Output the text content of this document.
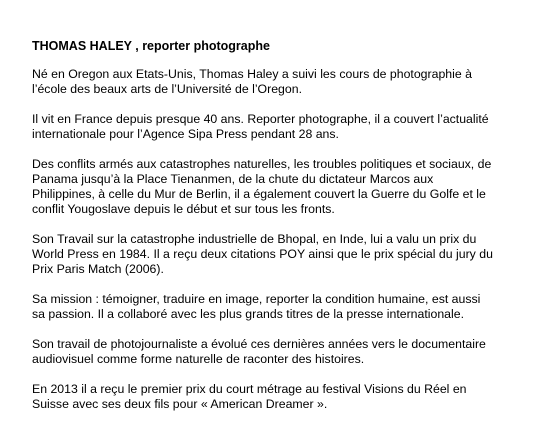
THOMAS HALEY , reporter photographe
Né en Oregon aux Etats-Unis, Thomas Haley a suivi les cours de photographie à
l’école des beaux arts de l’Université de l’Oregon.
Il vit en France depuis presque 40 ans. Reporter photographe, il a couvert l’actualité
internationale pour l’Agence Sipa Press pendant 28 ans.
Des conflits armés aux catastrophes naturelles, les troubles politiques et sociaux, de
Panama jusqu’à la Place Tienanmen, de la chute du dictateur Marcos aux
Philippines, à celle du Mur de Berlin, il a également couvert la Guerre du Golfe et le
conflit Yougoslave depuis le début et sur tous les fronts.
Son Travail sur la catastrophe industrielle de Bhopal, en Inde, lui a valu un prix du
World Press en 1984. Il a reçu deux citations POY ainsi que le prix spécial du jury du
Prix Paris Match (2006).
Sa mission : témoigner, traduire en image, reporter la condition humaine, est aussi
sa passion. Il a collaboré avec les plus grands titres de la presse internationale.
Son travail de photojournaliste a évolué ces dernières années vers le documentaire
audiovisuel comme forme naturelle de raconter des histoires.
En 2013 il a reçu le premier prix du court métrage au festival Visions du Réel en
Suisse avec ses deux fils pour « American Dreamer ».
